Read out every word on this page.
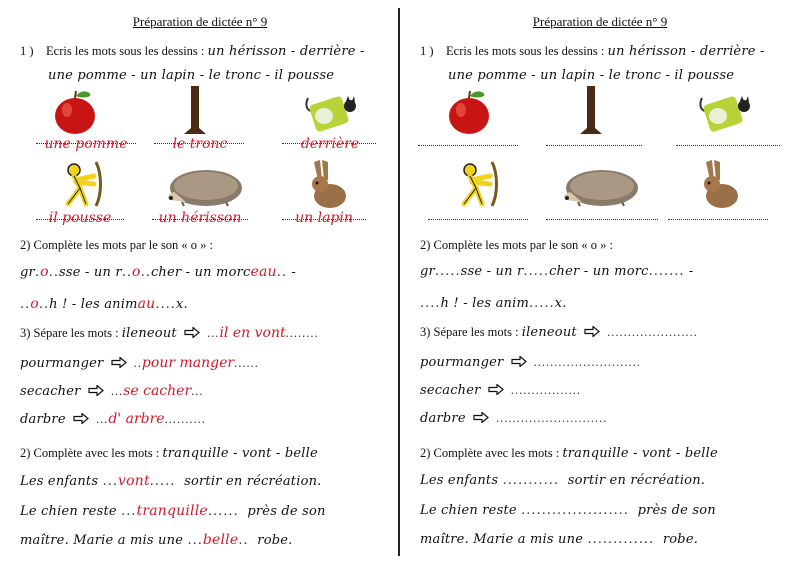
Préparation de dictée n° 9
1 ) Ecris les mots sous les dessins : un hérisson - derrière -
une pomme - un lapin - le tronc - il pousse
une pomme	le tronc	derrière
il pousse	un hérisson	un lapin
2) Complète les mots par le son « o » :
gr.o..sse - un r..o..cher - un morceau.. -
..o..h ! - les animau....x.
3) Sépare les mots : ileneout ...il en vont........
pourmanger ..pour manger......
secacher ...se cacher...
darbre ...d' arbre..........
2) Complète avec les mots : tranquille - vont - belle
Les enfants ...vont..... sortir en récréation.
Le chien reste ...tranquille...... près de son
maître. Marie a mis une ...belle.. robe.
Préparation de dictée n° 9
1 ) Ecris les mots sous les dessins : un hérisson - derrière -
une pomme - un lapin - le tronc - il pousse
2) Complète les mots par le son « o » :
gr.....sse - un r.....cher - un morc....... -
....h ! - les anim.....x.
3) Sépare les mots : ileneout ......................
pourmanger ..........................
secacher .................
darbre ...........................
2) Complète avec les mots : tranquille - vont - belle
Les enfants ........... sortir en récréation.
Le chien reste ..................... près de son
maître. Marie a mis une ............. robe.
